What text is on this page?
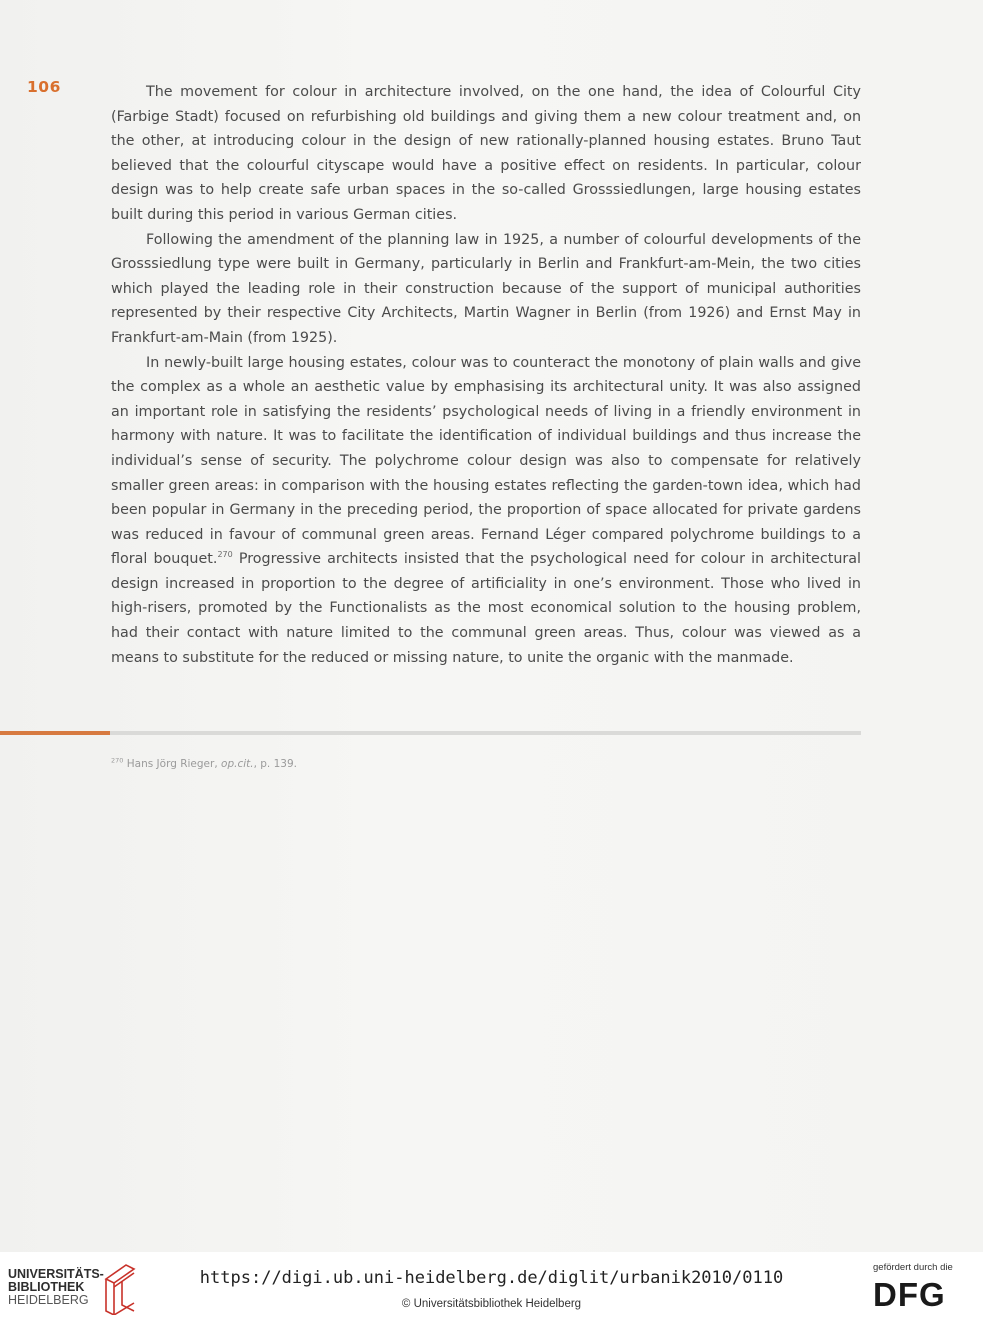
106	The movement for colour in architecture involved, on the one hand, the idea of Colourful City (Farbige Stadt) focused on refurbishing old buildings and giving them a new colour treatment and, on the other, at introducing colour in the design of new rationally-planned housing estates. Bruno Taut believed that the colourful cityscape would have a positive effect on residents. In particular, colour design was to help create safe urban spaces in the so-called Grosssiedlungen, large housing estates built during this period in various German cities.

Following the amendment of the planning law in 1925, a number of colourful developments of the Grosssiedlung type were built in Germany, particularly in Berlin and Frankfurt-am-Mein, the two cities which played the leading role in their construction because of the support of municipal authorities represented by their respective City Architects, Martin Wagner in Berlin (from 1926) and Ernst May in Frankfurt-am-Main (from 1925).

In newly-built large housing estates, colour was to counteract the monotony of plain walls and give the complex as a whole an aesthetic value by emphasising its architectural unity. It was also assigned an important role in satisfying the residents’ psychological needs of living in a friendly environment in harmony with nature. It was to facilitate the identification of individual buildings and thus increase the individual’s sense of security. The polychrome colour design was also to compensate for relatively smaller green areas: in comparison with the housing estates reflecting the garden-town idea, which had been popular in Germany in the preceding period, the proportion of space allocated for private gardens was reduced in favour of communal green areas. Fernand Léger compared polychrome buildings to a floral bouquet.$^{270}$ Progressive architects insisted that the psychological need for colour in architectural design increased in proportion to the degree of artificiality in one’s environment. Those who lived in high-risers, promoted by the Functionalists as the most economical solution to the housing problem, had their contact with nature limited to the communal green areas. Thus, colour was viewed as a means to substitute for the reduced or missing nature, to unite the organic with the manmade.

$^{270}$ Hans Jörg Rieger, op.cit., p. 139.
UNIVERSITÄTS-
BIBLIOTHEK
HEIDELBERG
https://digi.ub.uni-heidelberg.de/diglit/urbanik2010/0110
© Universitätsbibliothek Heidelberg
gefördert durch die
DFG
